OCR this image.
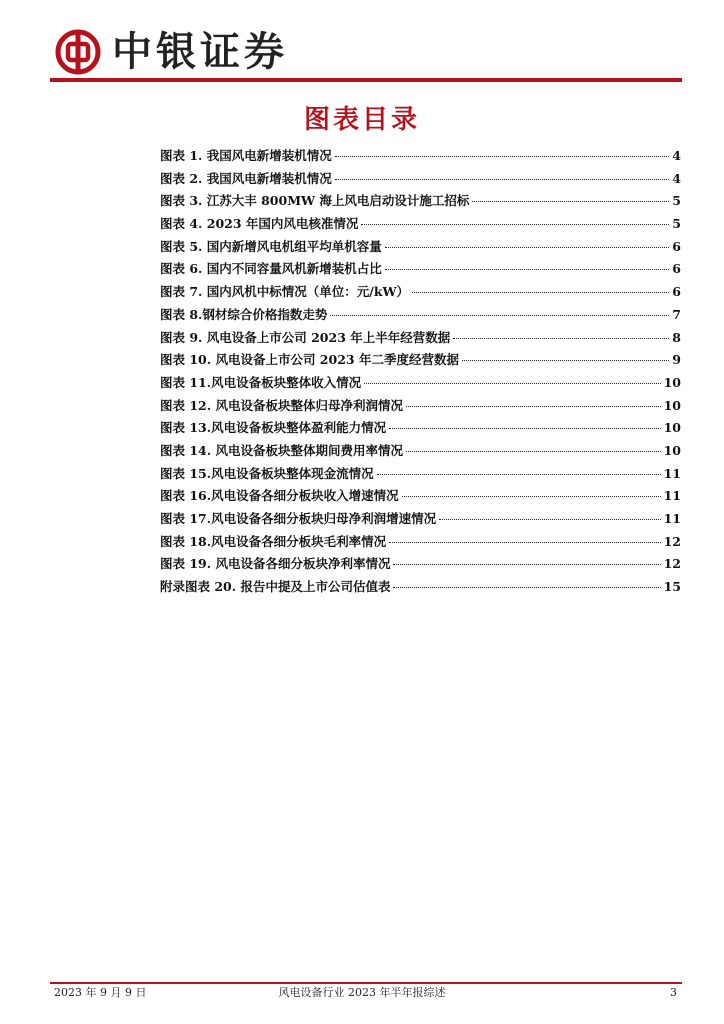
中银证券
图表目录
图表 1. 我国风电新增装机情况	4
图表 2. 我国风电新增装机情况	4
图表 3. 江苏大丰 800MW 海上风电启动设计施工招标	5
图表 4. 2023 年国内风电核准情况	5
图表 5. 国内新增风电机组平均单机容量	6
图表 6. 国内不同容量风机新增装机占比	6
图表 7. 国内风机中标情况（单位：元/kW）	6
图表 8.钢材综合价格指数走势	7
图表 9. 风电设备上市公司 2023 年上半年经营数据	8
图表 10. 风电设备上市公司 2023 年二季度经营数据	9
图表 11.风电设备板块整体收入情况	10
图表 12. 风电设备板块整体归母净利润情况	10
图表 13.风电设备板块整体盈利能力情况	10
图表 14. 风电设备板块整体期间费用率情况	10
图表 15.风电设备板块整体现金流情况	11
图表 16.风电设备各细分板块收入增速情况	11
图表 17.风电设备各细分板块归母净利润增速情况	11
图表 18.风电设备各细分板块毛利率情况	12
图表 19. 风电设备各细分板块净利率情况	12
附录图表 20. 报告中提及上市公司估值表	15
2023 年 9 月 9 日	风电设备行业 2023 年半年报综述	3
